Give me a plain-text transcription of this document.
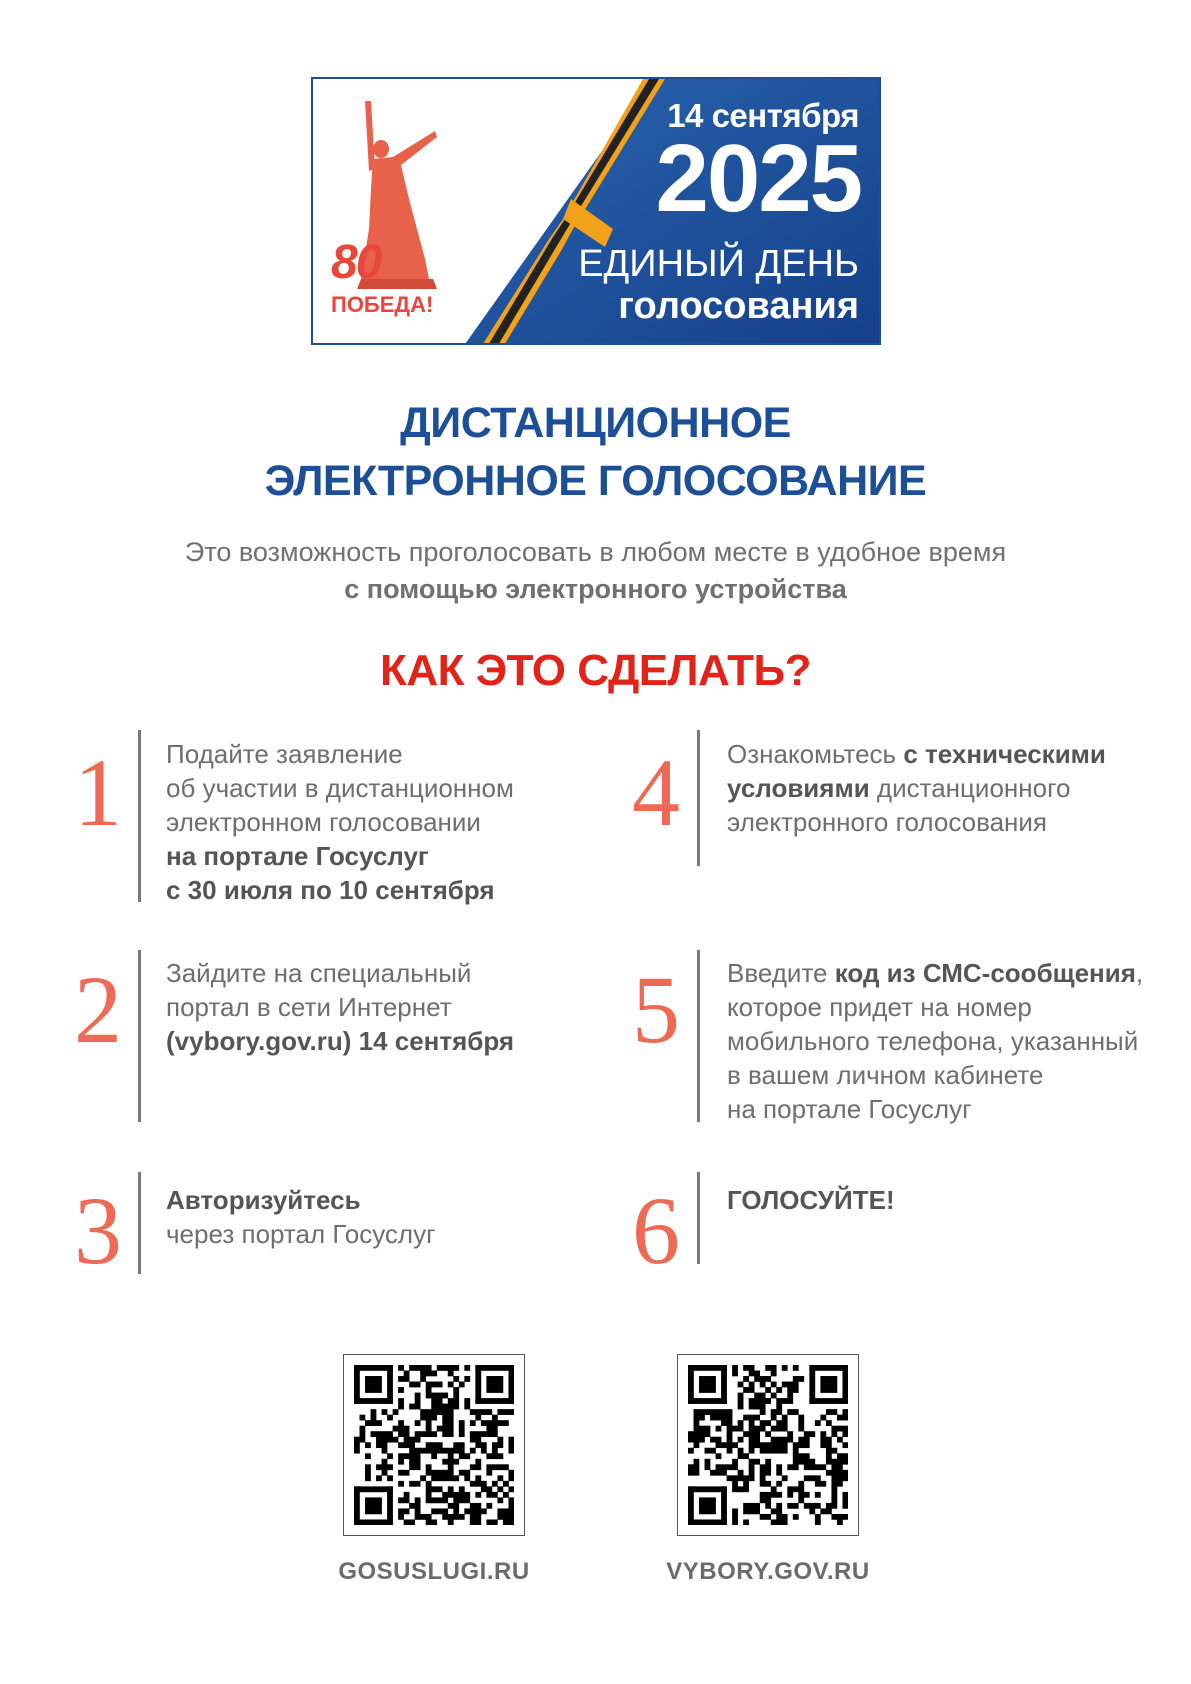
14 сентября
2025
ЕДИНЫЙ ДЕНЬ
голосования
80
ПОБЕДА!
ДИСТАНЦИОННОЕ
ЭЛЕКТРОННОЕ ГОЛОСОВАНИЕ
Это возможность проголосовать в любом месте в удобное время
с помощью электронного устройства
КАК ЭТО СДЕЛАТЬ?
1 Подайте заявление
об участии в дистанционном
электронном голосовании
на портале Госуслуг
с 30 июля по 10 сентября
2 Зайдите на специальный
портал в сети Интернет
(vybory.gov.ru) 14 сентября
3 Авторизуйтесь
через портал Госуслуг
4 Ознакомьтесь с техническими
условиями дистанционного
электронного голосования
5 Введите код из СМС-сообщения,
которое придет на номер
мобильного телефона, указанный
в вашем личном кабинете
на портале Госуслуг
6 ГОЛОСУЙТЕ!
GOSUSLUGI.RU	VYBORY.GOV.RU
